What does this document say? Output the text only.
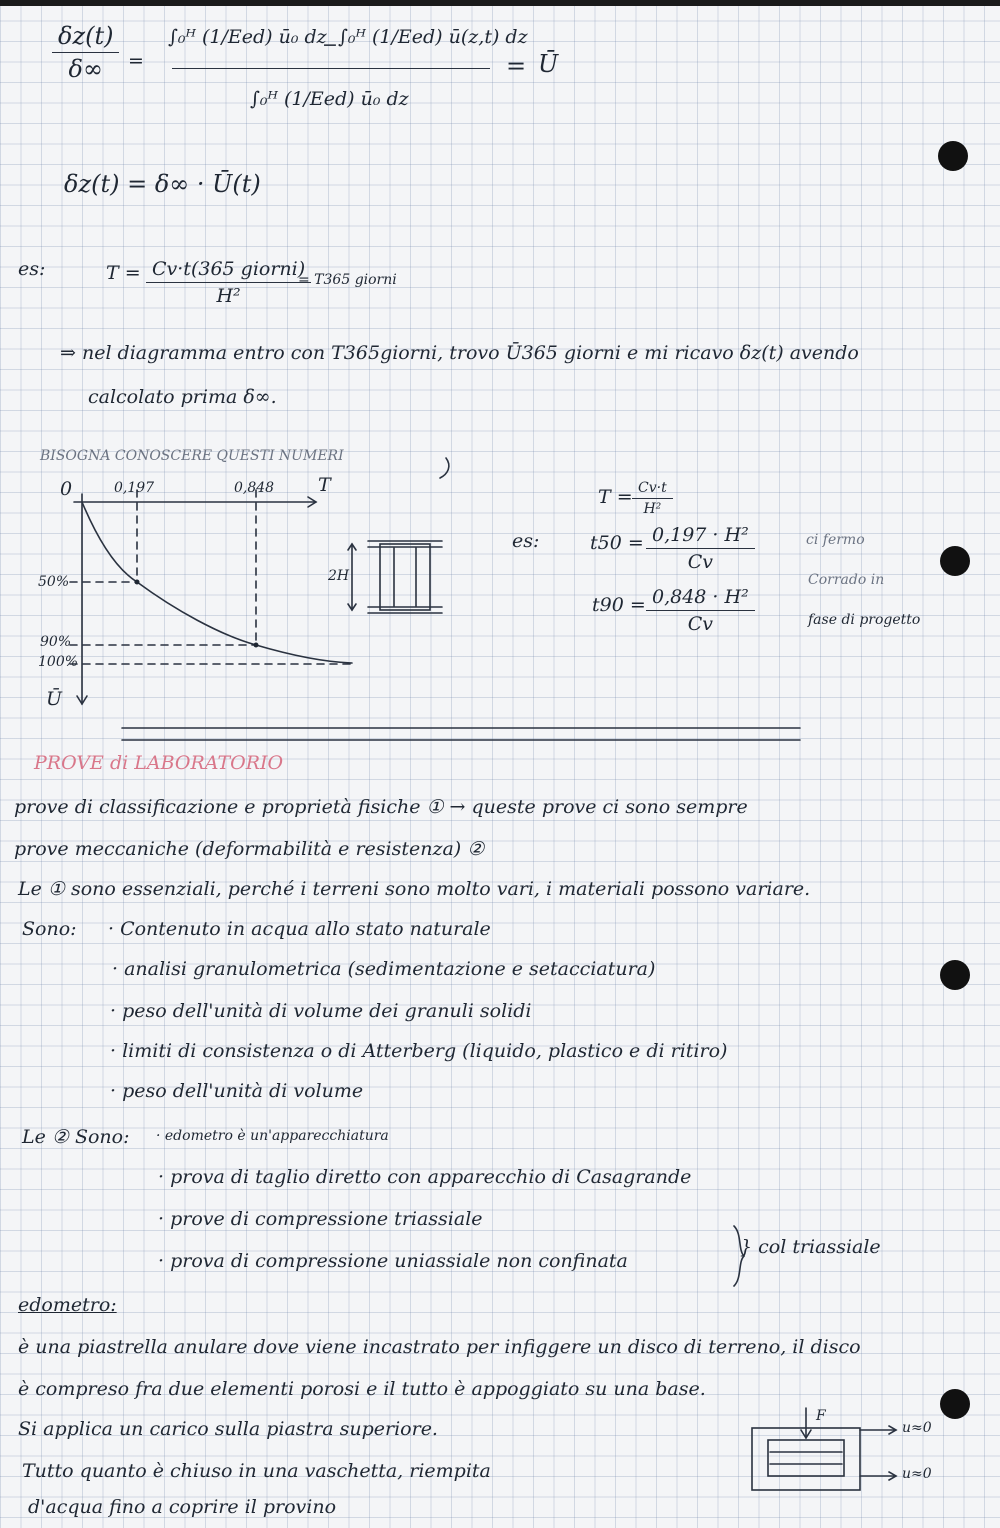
$\frac{\delta z(t)}{\delta\infty}$ =
∫₀ᴴ (1/Eed) ū₀ dz
− ∫₀ᴴ (1/Eed) ū(z,t) dz
∫₀ᴴ (1/Eed) ū₀ dz
= Ū
δz(t) = δ∞ · Ū(t)
es:	T = Cv·t(365 giorni)
H²
= T365 giorni
⇒ nel diagramma entro con T365giorni, trovo Ū365 giorni e mi ricavo δz(t) avendo
calcolato prima δ∞.
BISOGNA CONOSCERE QUESTI NUMERI
0	0,197	0,848 T
50%
90%
100%
Ū
2H
F
u≈0
u≈0
es:
$T = \frac{Cv\cdot t}{\text{H²}}$
$t50 = \frac{\text{0,197 · H²}}{Cv}$
$t90 = \frac{\text{0,848 · H²}}{Cv}$
ci fermo
Corrado in
fase di progetto
PROVE di LABORATORIO
prove di classificazione e proprietà fisiche ① → queste prove ci sono sempre
prove meccaniche (deformabilità e resistenza) ②
Le ① sono essenziali, perché i terreni sono molto vari, i materiali possono variare.
Sono: · Contenuto in acqua allo stato naturale
· analisi granulometrica (sedimentazione e setacciatura)
· peso dell'unità di volume dei granuli solidi
· limiti di consistenza o di Atterberg (liquido, plastico e di ritiro)
· peso dell'unità di volume
Le ② Sono: · edometro è un'apparecchiatura
· prova di taglio diretto con apparecchio di Casagrande
· prove di compressione triassiale
· prova di compressione uniassiale non confinata
} col triassiale
edometro:
è una piastrella anulare dove viene incastrato per infiggere un disco di terreno, il disco
è compreso fra due elementi porosi e il tutto è appoggiato su una base.
Si applica un carico sulla piastra superiore.
Tutto quanto è chiuso in una vaschetta, riempita
d'acqua fino a coprire il provino
